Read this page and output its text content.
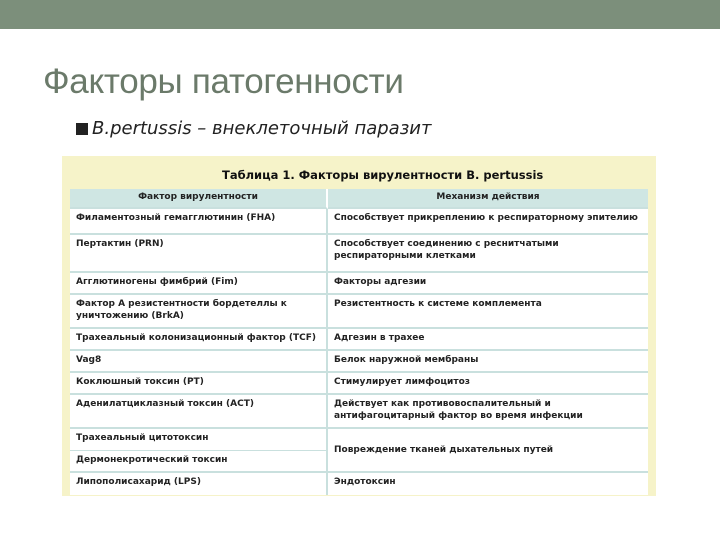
Факторы патогенности
B.pertussis – внеклеточный паразит
Таблица 1. Факторы вирулентности B. pertussis
Фактор вирулентности	Механизм действия
Филаментозный гемагглютинин (FHA)	Способствует прикреплению к респираторному эпителию
Пертактин (PRN)	Способствует соединению с реснитчатыми респираторными клетками
Агглютиногены фимбрий (Fim)	Факторы адгезии
Фактор А резистентности бордетеллы к уничтожению (BrkA)	Резистентность к системе комплемента
Трахеальный колонизационный фактор (TCF)	Адгезин в трахее
Vag8	Белок наружной мембраны
Коклюшный токсин (PT)	Стимулирует лимфоцитоз
Аденилатциклазный токсин (ACT)	Действует как противовоспалительный и антифагоцитарный фактор во время инфекции
Трахеальный цитотоксин	Повреждение тканей дыхательных путей
Дермонекротический токсин	
Липополисахарид (LPS)	Эндотоксин
